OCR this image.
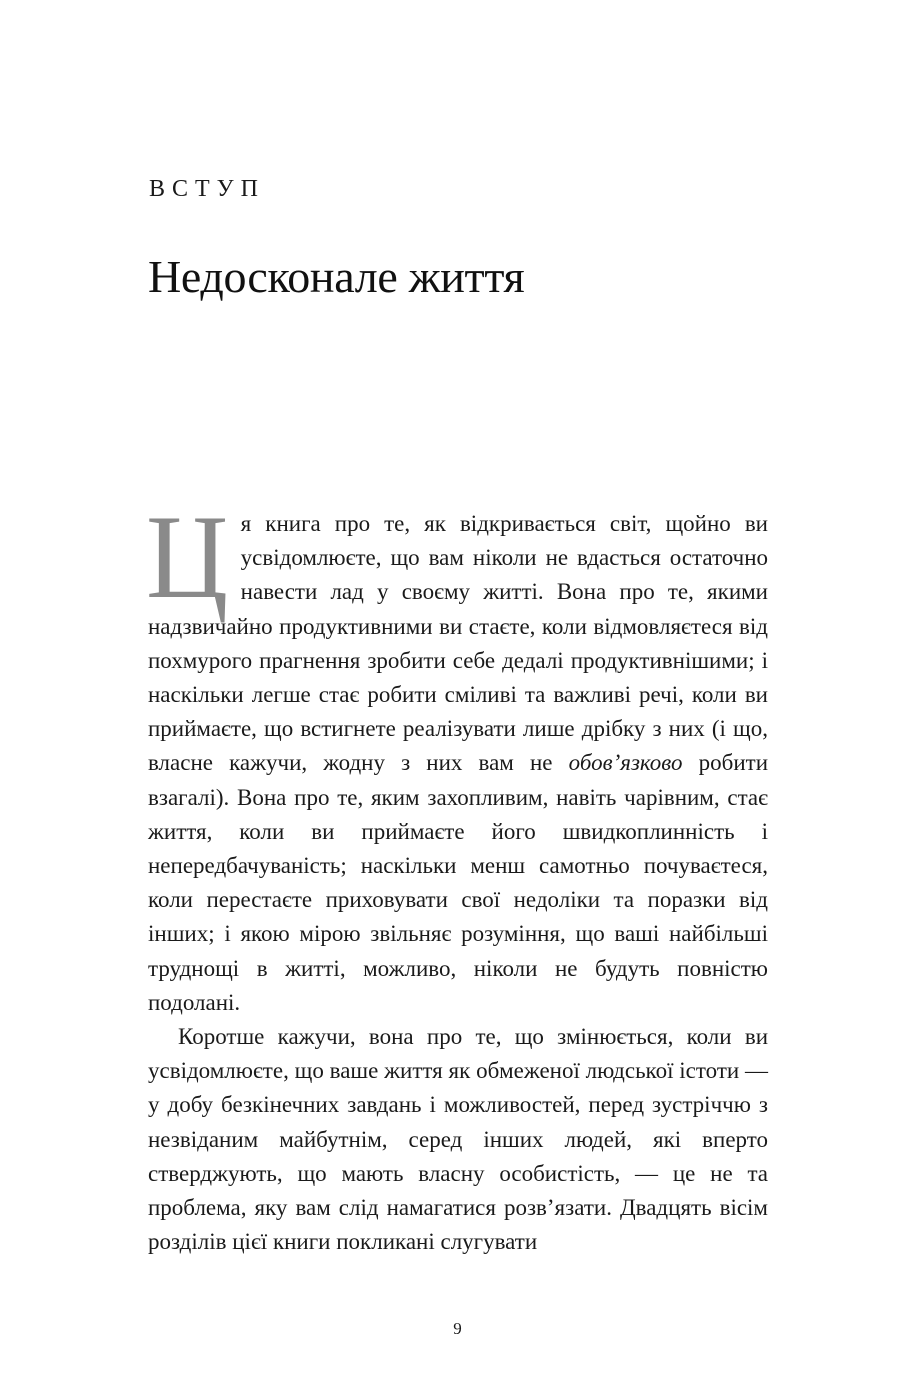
ВСТУП
Недосконале життя

Ця книга про те, як відкривається світ, щойно ви усвідомлюєте, що вам ніколи не вдасться остаточно навести лад у своєму житті. Вона про те, якими надзвичайно продуктивними ви стаєте, коли відмовляєтеся від похмурого прагнення зробити себе дедалі продуктивнішими; і наскільки легше стає робити сміливі та важливі речі, коли ви приймаєте, що встигнете реалізувати лише дрібку з них (і що, власне кажучи, жодну з них вам не обов’язково робити взагалі). Вона про те, яким захопливим, навіть чарівним, стає життя, коли ви приймаєте його швидкоплинність і непередбачуваність; наскільки менш самотньо почуваєтеся, коли перестаєте приховувати свої недоліки та поразки від інших; і якою мірою звільняє розуміння, що ваші найбільші труднощі в житті, можливо, ніколи не будуть повністю подолані.

Коротше кажучи, вона про те, що змінюється, коли ви усвідомлюєте, що ваше життя як обмеженої людської істоти — у добу безкінечних завдань і можливостей, перед зустріччю з незвіданим майбутнім, серед інших людей, які вперто стверджують, що мають власну особистість, — це не та проблема, яку вам слід намагатися розв’язати. Двадцять вісім розділів цієї книги покликані слугувати

9
